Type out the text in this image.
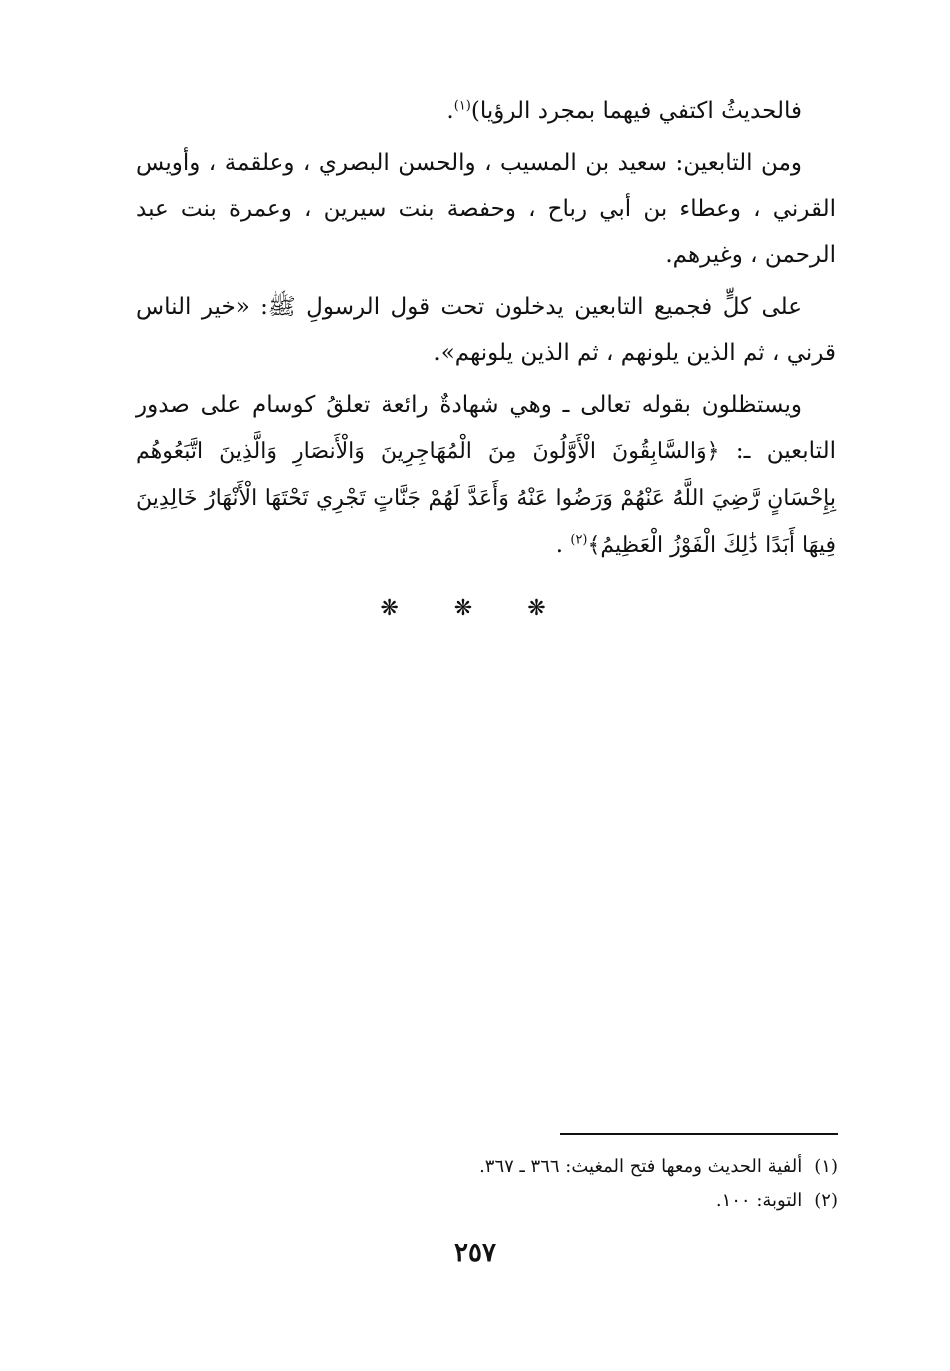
فالحديثُ اكتفي فيهما بمجرد الرؤيا)$^{(١)}$.

ومن التابعين: سعيد بن المسيب ، والحسن البصري ، وعلقمة ، وأويس القرني ، وعطاء بن أبي رباح ، وحفصة بنت سيرين ، وعمرة بنت عبد الرحمن ، وغيرهم.

على كلٍّ فجميع التابعين يدخلون تحت قول الرسولِ ﷺ: «خير الناس قرني ، ثم الذين يلونهم ، ثم الذين يلونهم».

ويستظلون بقوله تعالى ـ وهي شهادةٌ رائعة تعلقُ كوسام على صدور التابعين ـ: ﴿وَالسَّابِقُونَ الْأَوَّلُونَ مِنَ الْمُهَاجِرِينَ وَالْأَنصَارِ وَالَّذِينَ اتَّبَعُوهُم بِإِحْسَانٍ رَّضِيَ اللَّهُ عَنْهُمْ وَرَضُوا عَنْهُ وَأَعَدَّ لَهُمْ جَنَّاتٍ تَجْرِي تَحْتَهَا الْأَنْهَارُ خَالِدِينَ فِيهَا أَبَدًا ذَٰلِكَ الْفَوْزُ الْعَظِيمُ﴾$^{(٢)}$ .

❋ ❋ ❋
(١)ألفية الحديث ومعها فتح المغيث: ٣٦٦ ـ ٣٦٧.
(٢)التوبة: ١٠٠.
٢٥٧
